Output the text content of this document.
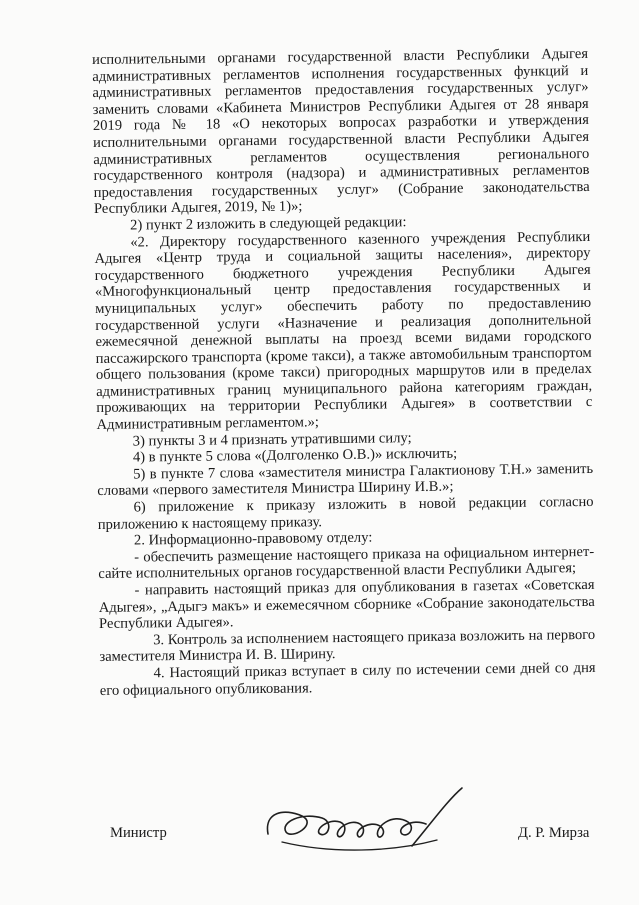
исполнительными органами государственной власти Республики Адыгея административных регламентов исполнения государственных функций и административных регламентов предоставления государственных услуг» заменить словами «Кабинета Министров Республики Адыгея от 28 января 2019 года № 18 «О некоторых вопросах разработки и утверждения исполнительными органами государственной власти Республики Адыгея административных регламентов осуществления регионального государственного контроля (надзора) и административных регламентов предоставления государственных услуг» (Собрание законодательства Республики Адыгея, 2019, № 1)»;

2) пункт 2 изложить в следующей редакции:

«2. Директору государственного казенного учреждения Республики Адыгея «Центр труда и социальной защиты населения», директору государственного бюджетного учреждения Республики Адыгея «Многофункциональный центр предоставления государственных и муниципальных услуг» обеспечить работу по предоставлению государственной услуги «Назначение и реализация дополнительной ежемесячной денежной выплаты на проезд всеми видами городского пассажирского транспорта (кроме такси), а также автомобильным транспортом общего пользования (кроме такси) пригородных маршрутов или в пределах административных границ муниципального района категориям граждан, проживающих на территории Республики Адыгея» в соответствии с Административным регламентом.»;

3) пункты 3 и 4 признать утратившими силу;

4) в пункте 5 слова «(Долголенко О.В.)» исключить;

5) в пункте 7 слова «заместителя министра Галактионову Т.Н.» заменить словами «первого заместителя Министра Ширину И.В.»;

6) приложение к приказу изложить в новой редакции согласно приложению к настоящему приказу.

2. Информационно-правовому отделу:

- обеспечить размещение настоящего приказа на официальном интернет-сайте исполнительных органов государственной власти Республики Адыгея;

- направить настоящий приказ для опубликования в газетах «Советская Адыгея», „Адыгэ макъ» и ежемесячном сборнике «Собрание законодательства Республики Адыгея».

3. Контроль за исполнением настоящего приказа возложить на первого заместителя Министра И. В. Ширину.

4. Настоящий приказ вступает в силу по истечении семи дней со дня его официального опубликования.

Министр	Д. Р. Мирза
